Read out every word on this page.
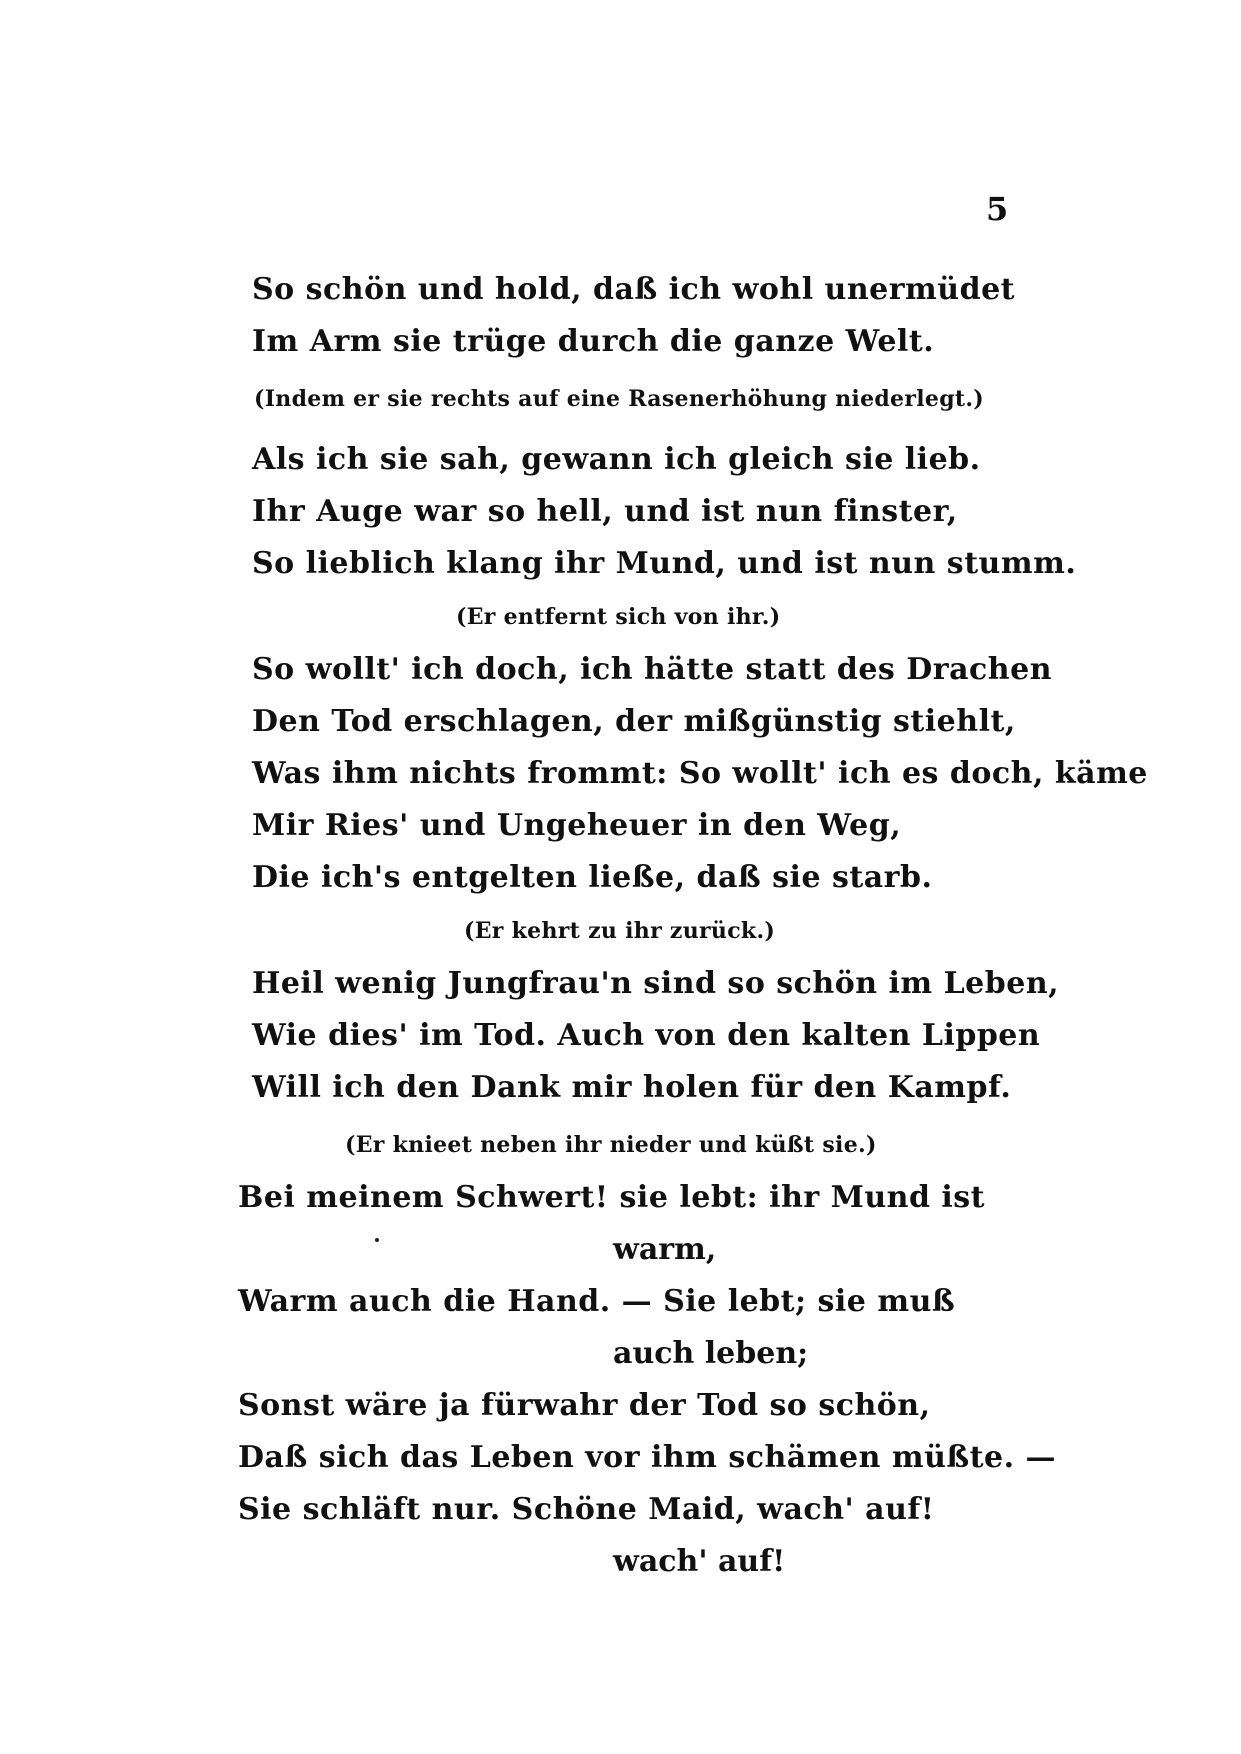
5
So schön und hold, daß ich wohl unermüdet
Im Arm sie trüge durch die ganze Welt.
(Indem er sie rechts auf eine Rasenerhöhung niederlegt.)
Als ich sie sah, gewann ich gleich sie lieb.
Ihr Auge war so hell, und ist nun finster,
So lieblich klang ihr Mund, und ist nun stumm.
(Er entfernt sich von ihr.)
So wollt' ich doch, ich hätte statt des Drachen
Den Tod erschlagen, der mißgünstig stiehlt,
Was ihm nichts frommt: So wollt' ich es doch, käme
Mir Ries' und Ungeheuer in den Weg,
Die ich's entgelten ließe, daß sie starb.
(Er kehrt zu ihr zurück.)
Heil wenig Jungfrau'n sind so schön im Leben,
Wie dies' im Tod. Auch von den kalten Lippen
Will ich den Dank mir holen für den Kampf.
(Er knieet neben ihr nieder und küßt sie.)
Bei meinem Schwert! sie lebt: ihr Mund ist
warm,
Warm auch die Hand. — Sie lebt; sie muß
auch leben;
Sonst wäre ja fürwahr der Tod so schön,
Daß sich das Leben vor ihm schämen müßte. —
Sie schläft nur. Schöne Maid, wach' auf!
wach' auf!
